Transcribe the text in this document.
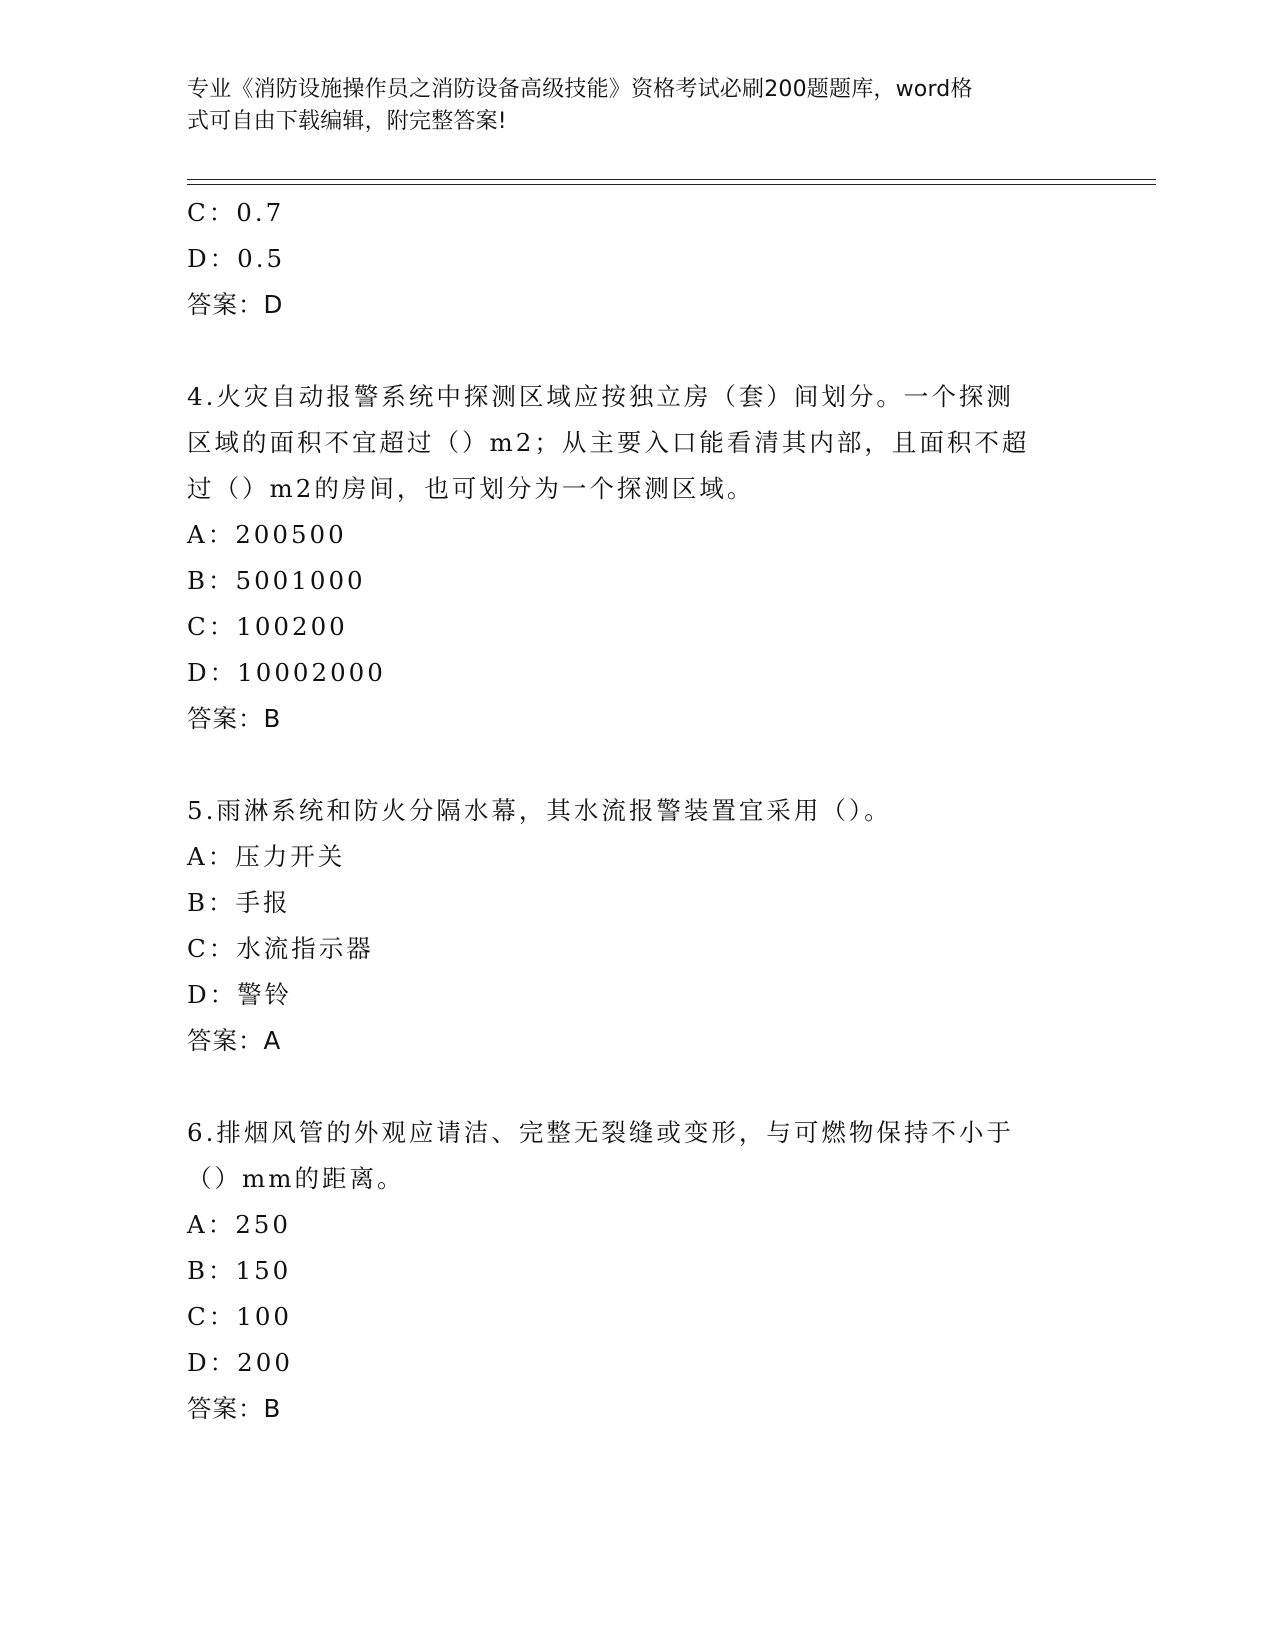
专业《消防设施操作员之消防设备高级技能》资格考试必刷200题题库，word格
式可自由下载编辑，附完整答案!
C：0.7
D：0.5
答案：D
4.火灾自动报警系统中探测区域应按独立房（套）间划分。一个探测
区域的面积不宜超过（）m2；从主要入口能看清其内部，且面积不超
过（）m2的房间，也可划分为一个探测区域。
A：200500
B：5001000
C：100200
D：10002000
答案：B
5.雨淋系统和防火分隔水幕，其水流报警装置宜采用（）。
A：压力开关
B：手报
C：水流指示器
D：警铃
答案：A
6.排烟风管的外观应请洁、完整无裂缝或变形，与可燃物保持不小于
（）mm的距离。
A：250
B：150
C：100
D：200
答案：B
